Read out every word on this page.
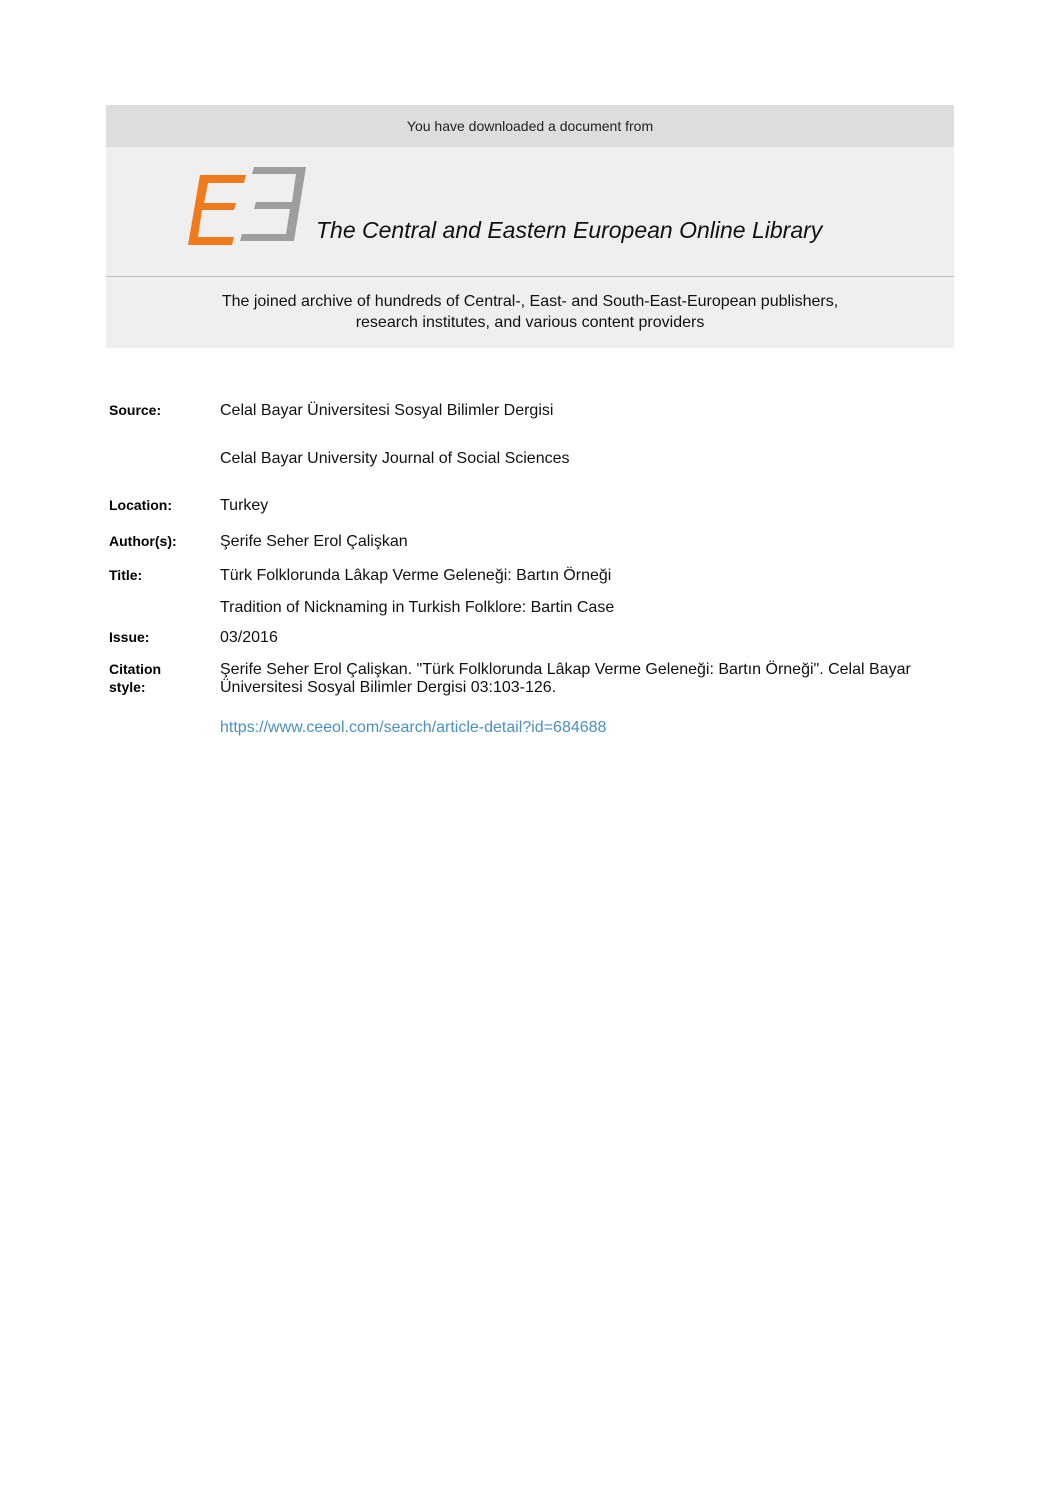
You have downloaded a document from
The Central and Eastern European Online Library
The joined archive of hundreds of Central-, East- and South-East-European publishers,
research institutes, and various content providers
Source:	Celal Bayar Üniversitesi Sosyal Bilimler Dergisi
Celal Bayar University Journal of Social Sciences
Location:	Turkey
Author(s):	Şerife Seher Erol Çalişkan
Title:	Türk Folklorunda Lâkap Verme Geleneği: Bartın Örneği
Tradition of Nicknaming in Turkish Folklore: Bartin Case
Issue:	03/2016
Citation
style:
Şerife Seher Erol Çalişkan. "Türk Folklorunda Lâkap Verme Geleneği: Bartın Örneği". Celal Bayar Üniversitesi Sosyal Bilimler Dergisi 03:103-126.
https://www.ceeol.com/search/article-detail?id=684688
